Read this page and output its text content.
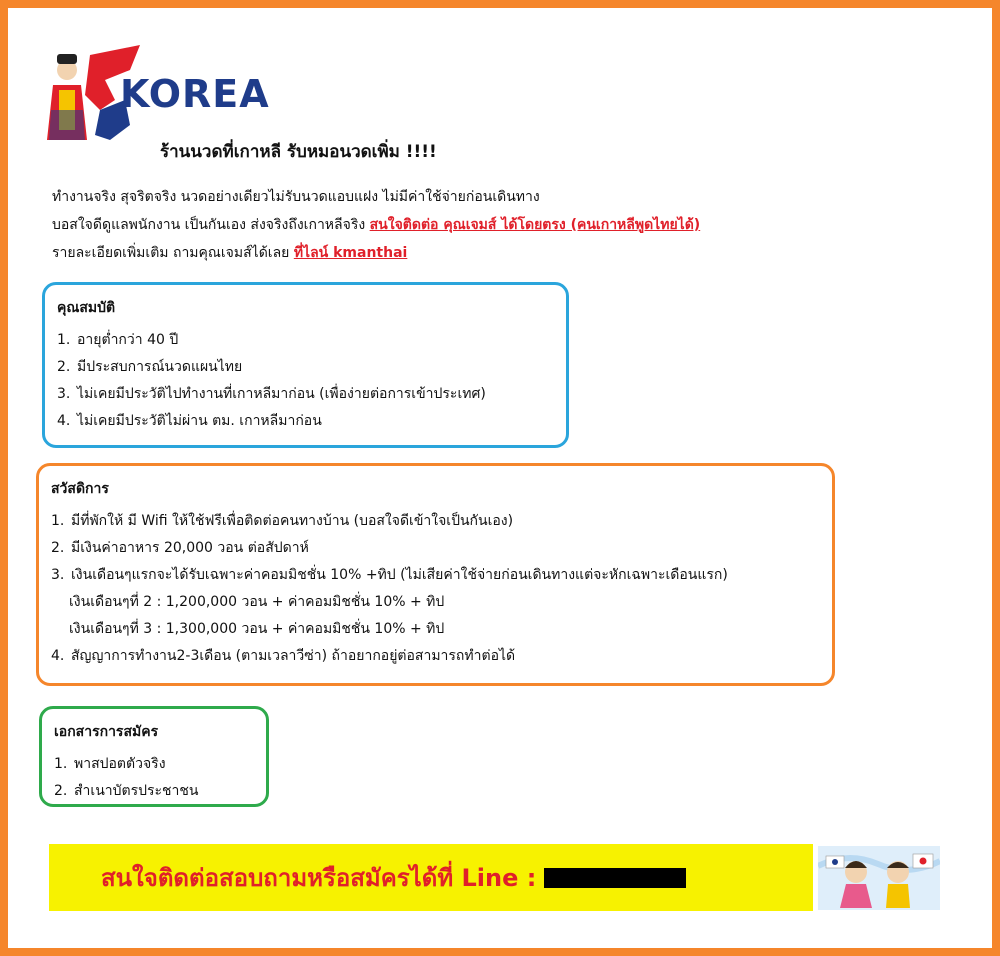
KOREA
ร้านนวดที่เกาหลี รับหมอนวดเพิ่ม !!!!
ทำงานจริง สุจริตจริง นวดอย่างเดียวไม่รับนวดแอบแฝง ไม่มีค่าใช้จ่ายก่อนเดินทาง
บอสใจดีดูแลพนักงาน เป็นกันเอง ส่งจริงถึงเกาหลีจริง สนใจติดต่อ คุณเจมส์ ได้โดยตรง (คนเกาหลีพูดไทยได้)
รายละเอียดเพิ่มเติม ถามคุณเจมส์ได้เลย ที่ไลน์ kmanthai
คุณสมบัติ
1. อายุต่ำกว่า 40 ปี
2. มีประสบการณ์นวดแผนไทย
3. ไม่เคยมีประวัติไปทำงานที่เกาหลีมาก่อน (เพื่อง่ายต่อการเข้าประเทศ)
4. ไม่เคยมีประวัติไม่ผ่าน ตม. เกาหลีมาก่อน
สวัสดิการ
1. มีที่พักให้ มี Wifi ให้ใช้ฟรีเพื่อติดต่อคนทางบ้าน (บอสใจดีเข้าใจเป็นกันเอง)
2. มีเงินค่าอาหาร 20,000 วอน ต่อสัปดาห์
3. เงินเดือนๆแรกจะได้รับเฉพาะค่าคอมมิชชั่น 10% +ทิป (ไม่เสียค่าใช้จ่ายก่อนเดินทางแต่จะหักเฉพาะเดือนแรก)
เงินเดือนๆที่ 2 : 1,200,000 วอน + ค่าคอมมิชชั่น 10% + ทิป
เงินเดือนๆที่ 3 : 1,300,000 วอน + ค่าคอมมิชชั่น 10% + ทิป
4. สัญญาการทำงาน2-3เดือน (ตามเวลาวีซ่า) ถ้าอยากอยู่ต่อสามารถทำต่อได้
เอกสารการสมัคร
1. พาสปอตตัวจริง
2. สำเนาบัตรประชาชน
สนใจติดต่อสอบถามหรือสมัครได้ที่ Line :
